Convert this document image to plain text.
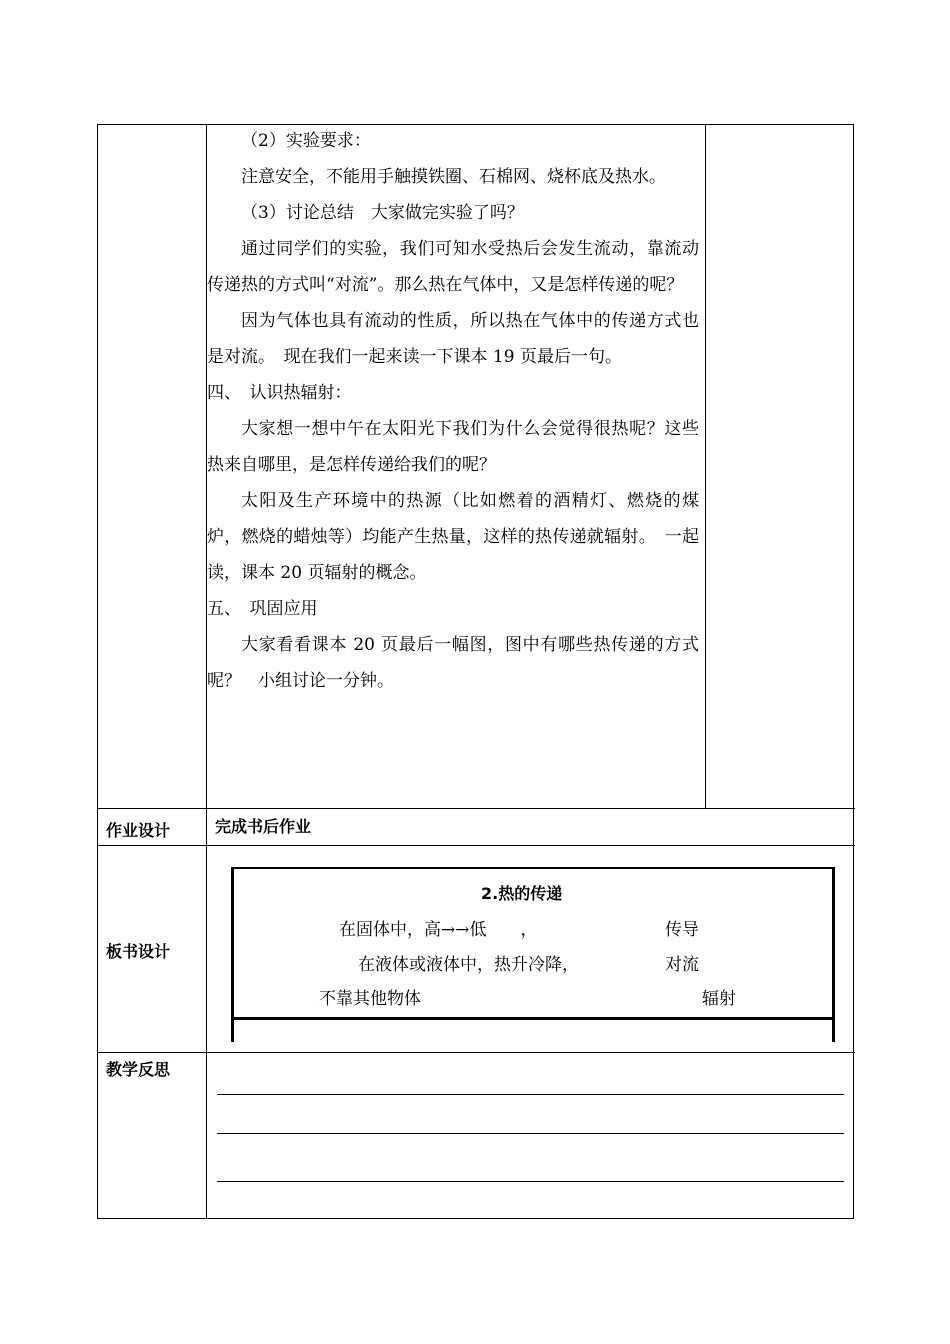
（2）实验要求：

注意安全，不能用手触摸铁圈、石棉网、烧杯底及热水。

（3）讨论总结　大家做完实验了吗？

通过同学们的实验，我们可知水受热后会发生流动，靠流动传递热的方式叫“对流”。那么热在气体中，又是怎样传递的呢？

因为气体也具有流动的性质，所以热在气体中的传递方式也是对流。　现在我们一起来读一下课本 19 页最后一句。

四、　认识热辐射：

大家想一想中午在太阳光下我们为什么会觉得很热呢？这些热来自哪里，是怎样传递给我们的呢？

太阳及生产环境中的热源（比如燃着的酒精灯、燃烧的煤炉，燃烧的蜡烛等）均能产生热量，这样的热传递就辐射。　一起读，课本 20 页辐射的概念。

五、　巩固应用

大家看看课本 20 页最后一幅图，图中有哪些热传递的方式呢？　小组讨论一分钟。

作业设计	完成书后作业
板书设计
2.热的传递
在固体中，高→→低　　，	传导
在液体或液体中，热升冷降，	对流
不靠其他物体	辐射
教学反思
